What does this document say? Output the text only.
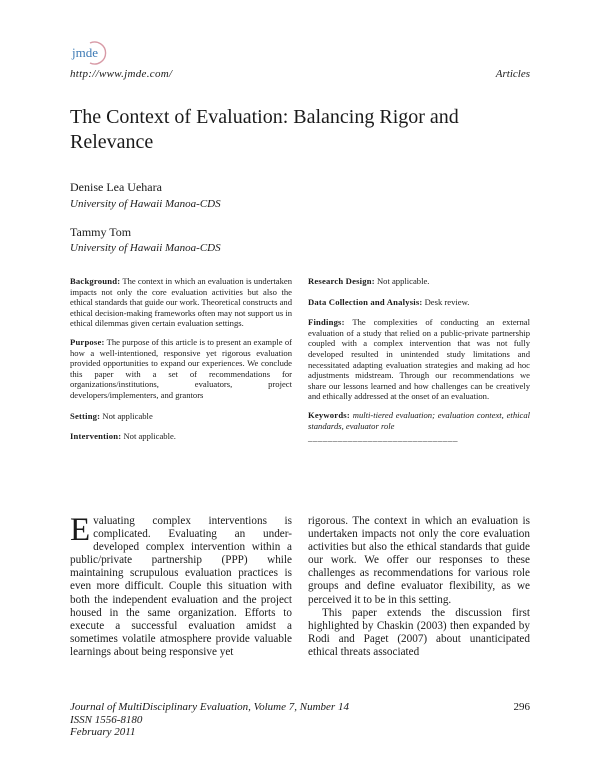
jmde
http://www.jmde.com/	Articles
The Context of Evaluation: Balancing Rigor and Relevance
Denise Lea Uehara
University of Hawaii Manoa-CDS
Tammy Tom
University of Hawaii Manoa-CDS

Background: The context in which an evaluation is undertaken impacts not only the core evaluation activities but also the ethical standards that guide our work. Theoretical constructs and ethical decision-making frameworks often may not support us in ethical dilemmas given certain evaluation settings.

Purpose: The purpose of this article is to present an example of how a well-intentioned, responsive yet rigorous evaluation provided opportunities to expand our experiences. We conclude this paper with a set of recommendations for organizations/institutions, evaluators, project developers/implementers, and grantors

Setting: Not applicable

Intervention: Not applicable.

Research Design: Not applicable.

Data Collection and Analysis: Desk review.

Findings: The complexities of conducting an external evaluation of a study that relied on a public-private partnership coupled with a complex intervention that was not fully developed resulted in unintended study limitations and necessitated adapting evaluation strategies and making ad hoc adjustments midstream. Through our recommendations we share our lessons learned and how challenges can be creatively and ethically addressed at the onset of an evaluation.

Keywords: multi-tiered evaluation; evaluation context, ethical standards, evaluator role

______________________________

Evaluating complex interventions is complicated. Evaluating an under-developed complex intervention within a public/private partnership (PPP) while maintaining scrupulous evaluation practices is even more difficult. Couple this situation with both the independent evaluation and the project housed in the same organization. Efforts to execute a successful evaluation amidst a sometimes volatile atmosphere provide valuable learnings about being responsive yet

rigorous. The context in which an evaluation is undertaken impacts not only the core evaluation activities but also the ethical standards that guide our work. We offer our responses to these challenges as recommendations for various role groups and define evaluator flexibility, as we perceived it to be in this setting.

This paper extends the discussion first highlighted by Chaskin (2003) then expanded by Rodi and Paget (2007) about unanticipated ethical threats associated

Journal of MultiDisciplinary Evaluation, Volume 7, Number 14
ISSN 1556-8180
February 2011
296
